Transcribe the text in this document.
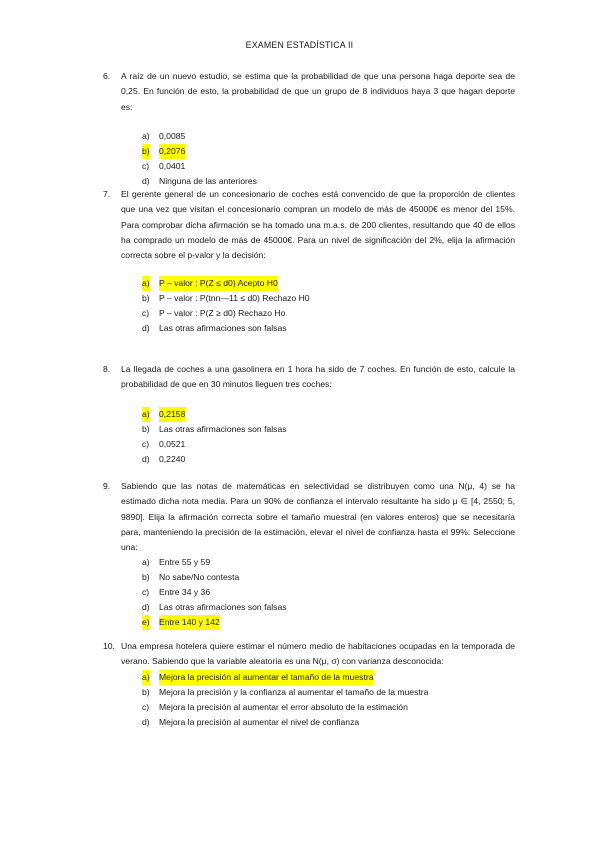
EXAMEN ESTADÍSTICA II
6. A raíz de un nuevo estudio, se estima que la probabilidad de que una persona haga deporte sea de 0,25. En función de esto, la probabilidad de que un grupo de 8 individuos haya 3 que hagan deporte es:
a) 0,0085
b) 0,2076
c) 0,0401
d) Ninguna de las anteriores
7. El gerente general de un concesionario de coches está convencido de que la proporción de clientes que una vez que visitan el concesionario compran un modelo de más de 45000€ es menor del 15%. Para comprobar dicha afirmación se ha tomado una m.a.s. de 200 clientes, resultando que 40 de ellos ha comprado un modelo de más de 45000€. Para un nivel de significación del 2%, elija la afirmación correcta sobre el p-valor y la decisión:
a) P – valor : P(Z ≤ d0) Acepto H0
b) P – valor : P(tnn—11 ≤ d0) Rechazo H0
c) P – valor : P(Z ≥ d0) Rechazo Ho
d) Las otras afirmaciones son falsas
8. La llegada de coches a una gasolinera en 1 hora ha sido de 7 coches. En función de esto, calcule la probabilidad de que en 30 minutos lleguen tres coches:
a) 0,2158
b) Las otras afirmaciones son falsas
c) 0,0521
d) 0,2240
9. Sabiendo que las notas de matemáticas en selectividad se distribuyen como una N(μ, 4) se ha estimado dicha nota media. Para un 90% de confianza el intervalo resultante ha sido μ ∈ [4, 2550; 5, 9890]. Elija la afirmación correcta sobre el tamaño muestral (en valores enteros) que se necesitaría para, manteniendo la precisión de la estimación, elevar el nivel de confianza hasta el 99%: Seleccione una:
a) Entre 55 y 59
b) No sabe/No contesta
c) Entre 34 y 36
d) Las otras afirmaciones son falsas
e) Entre 140 y 142
10. Una empresa hotelera quiere estimar el número medio de habitaciones ocupadas en la temporada de verano. Sabiendo que la variable aleatoria es una N(μ, σ) con varianza desconocida:
a) Mejora la precisión al aumentar el tamaño de la muestra
b) Mejora la precisión y la confianza al aumentar el tamaño de la muestra
c) Mejora la precisión al aumentar el error absoluto de la estimación
d) Mejora la precisión al aumentar el nivel de confianza
